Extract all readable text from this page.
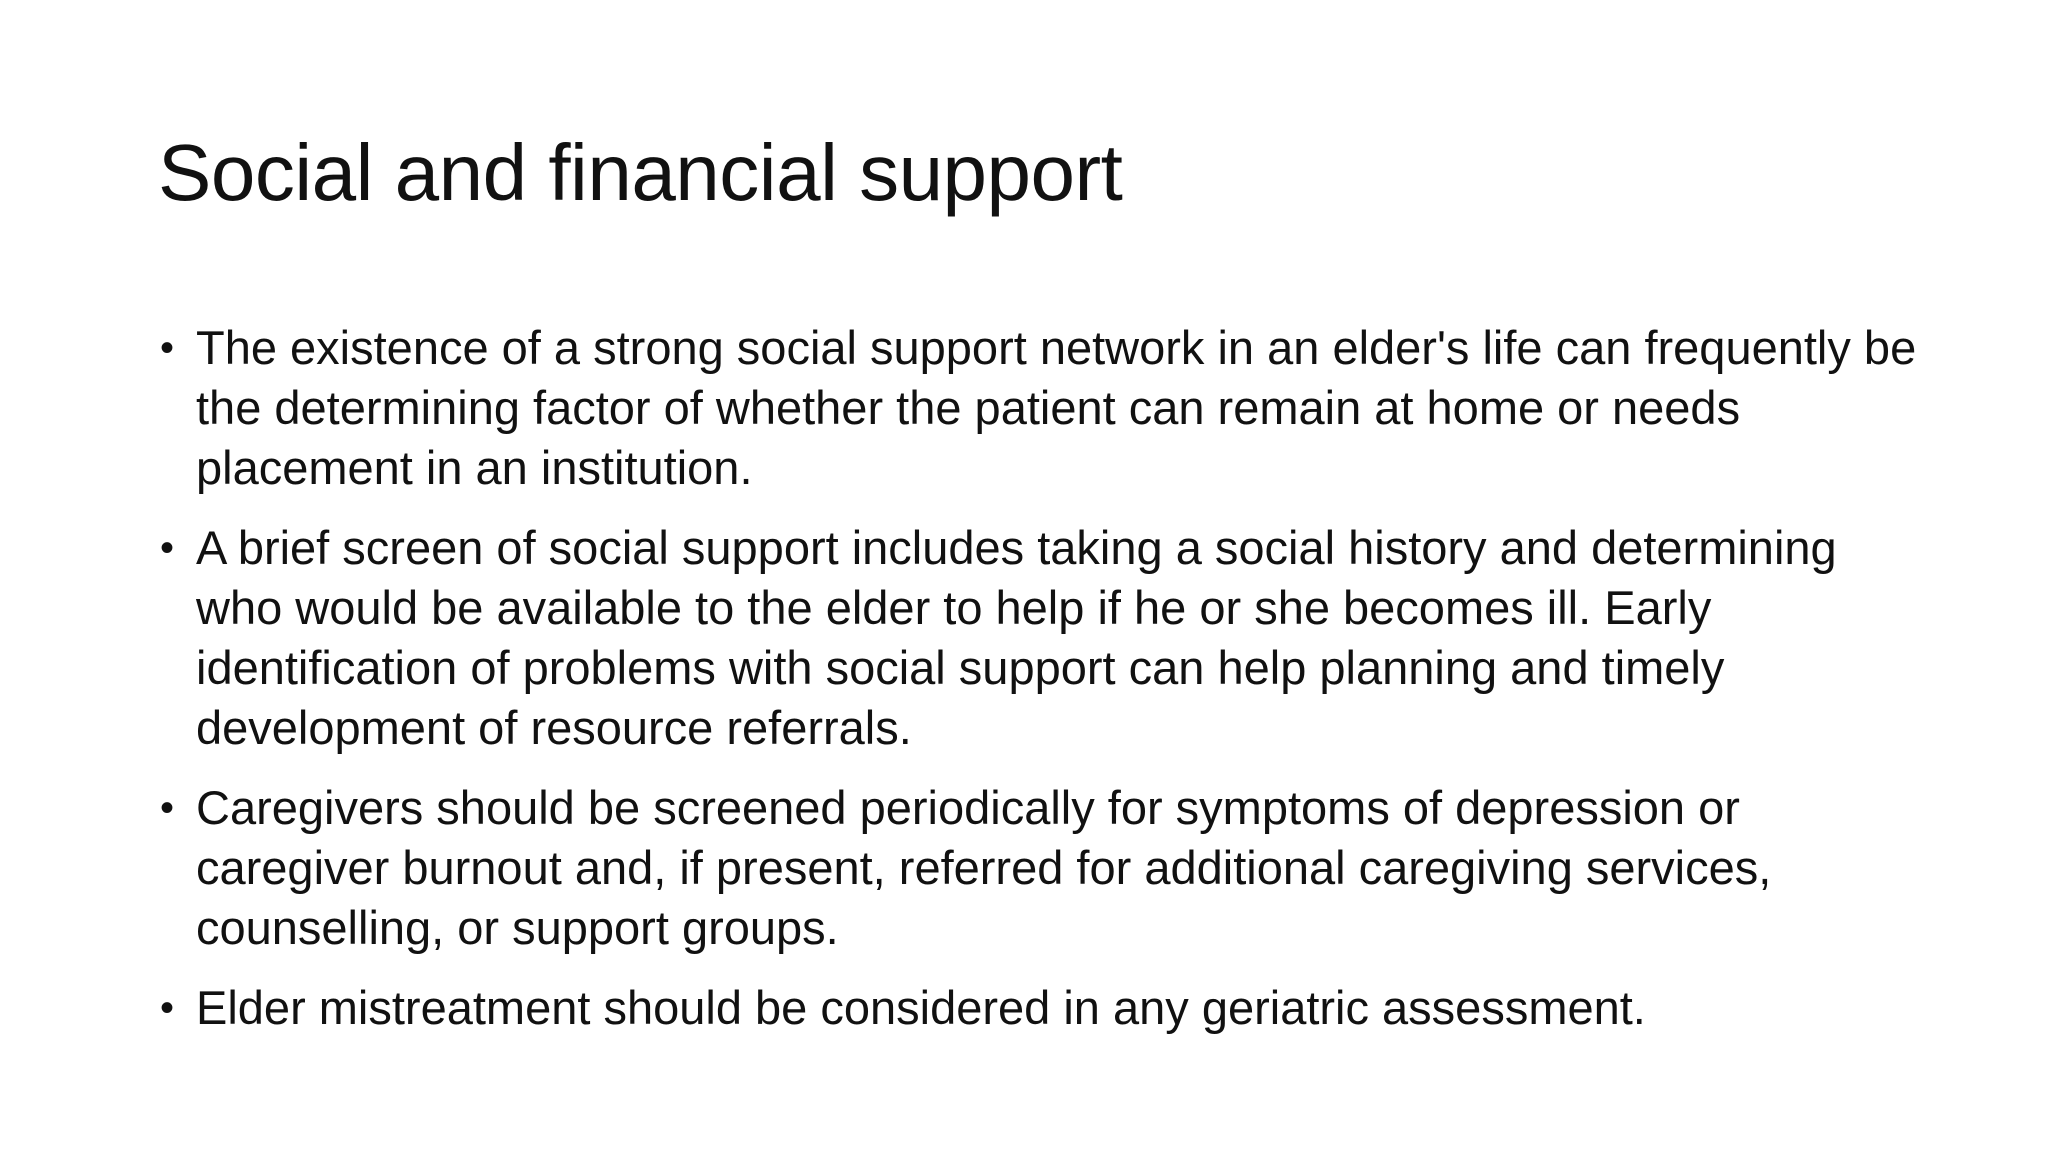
Social and financial support
• The existence of a strong social support network in an elder's life can frequently be the determining factor of whether the patient can remain at home or needs placement in an institution.
• A brief screen of social support includes taking a social history and determining who would be available to the elder to help if he or she becomes ill. Early identification of problems with social support can help planning and timely development of resource referrals.
• Caregivers should be screened periodically for symptoms of depression or caregiver burnout and, if present, referred for additional caregiving services, counselling, or support groups.
• Elder mistreatment should be considered in any geriatric assessment.
